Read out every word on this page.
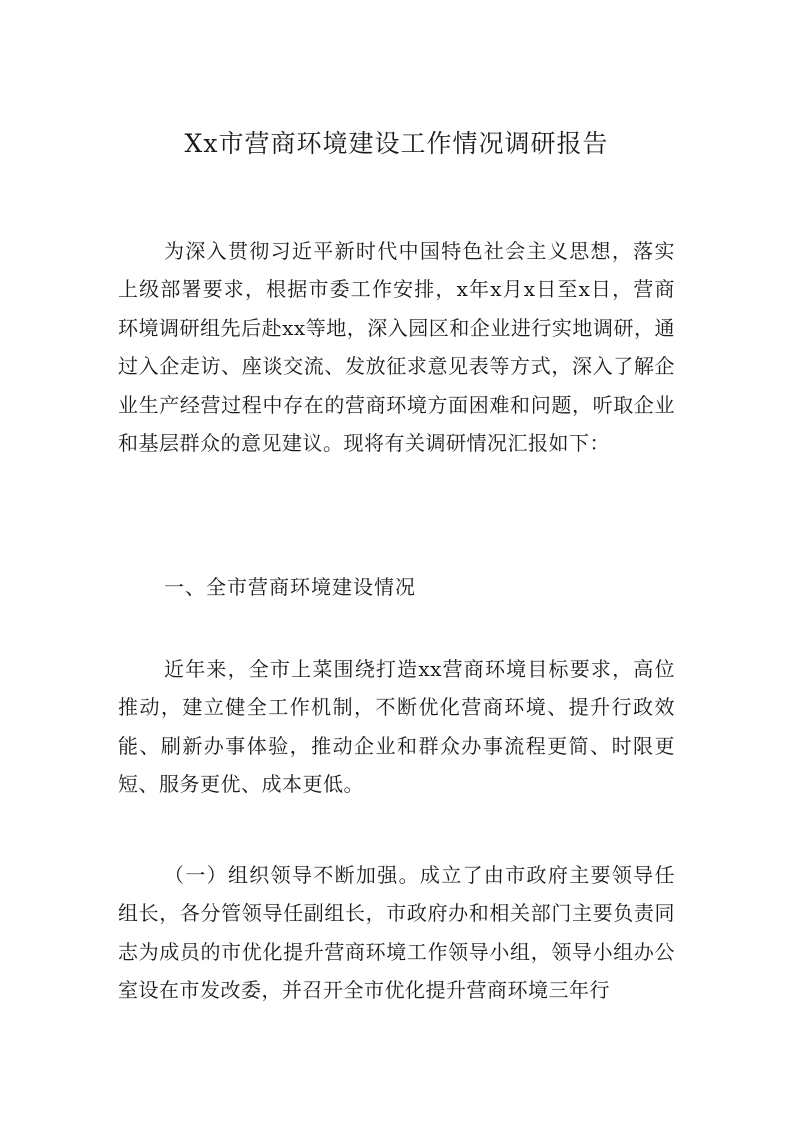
Xx市营商环境建设工作情况调研报告

为深入贯彻习近平新时代中国特色社会主义思想，落实上级部署要求，根据市委工作安排，x年x月x日至x日，营商环境调研组先后赴xx等地，深入园区和企业进行实地调研，通过入企走访、座谈交流、发放征求意见表等方式，深入了解企业生产经营过程中存在的营商环境方面困难和问题，听取企业和基层群众的意见建议。现将有关调研情况汇报如下：

一、全市营商环境建设情况

近年来，全市上菜围绕打造xx营商环境目标要求，高位推动，建立健全工作机制，不断优化营商环境、提升行政效能、刷新办事体验，推动企业和群众办事流程更简、时限更短、服务更优、成本更低。

（一）组织领导不断加强。成立了由市政府主要领导任组长，各分管领导任副组长，市政府办和相关部门主要负责同志为成员的市优化提升营商环境工作领导小组，领导小组办公室设在市发改委，并召开全市优化提升营商环境三年行
